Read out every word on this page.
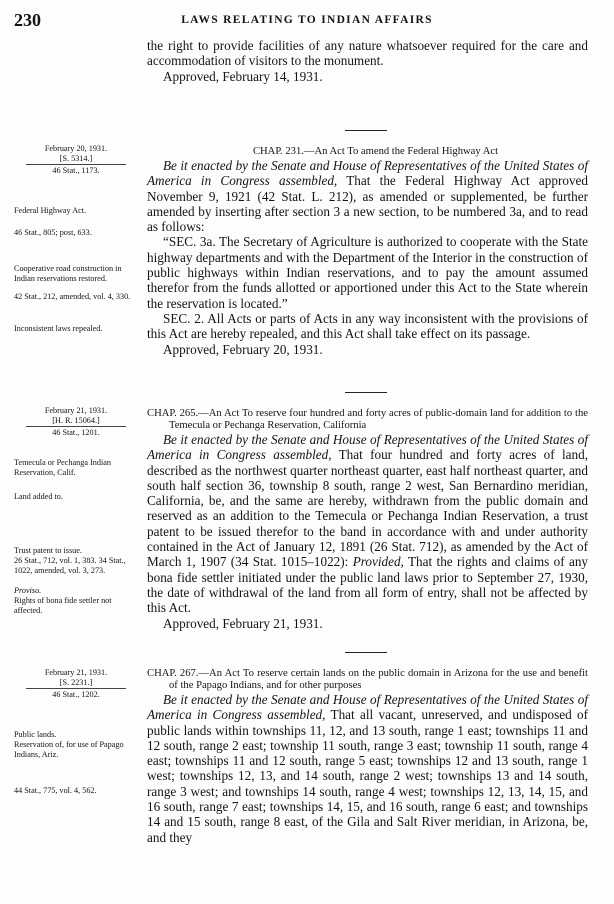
230	LAWS RELATING TO INDIAN AFFAIRS

the right to provide facilities of any nature whatsoever required for the care and accommodation of visitors to the monument.

Approved, February 14, 1931.

February 20, 1931.
[S. 5314.]
46 Stat., 1173.
Federal Highway Act.
46 Stat., 805; post, 633.
Cooperative road construction in Indian reservations restored.
42 Stat., 212, amended, vol. 4, 330.
Inconsistent laws repealed.

CHAP. 231.—An Act To amend the Federal Highway Act

Be it enacted by the Senate and House of Representatives of the United States of America in Congress assembled, That the Federal Highway Act approved November 9, 1921 (42 Stat. L. 212), as amended or supplemented, be further amended by inserting after section 3 a new section, to be numbered 3a, and to read as follows:

“SEC. 3a. The Secretary of Agriculture is authorized to cooperate with the State highway departments and with the Department of the Interior in the construction of public highways within Indian reservations, and to pay the amount assumed therefor from the funds allotted or apportioned under this Act to the State wherein the reservation is located.”

SEC. 2. All Acts or parts of Acts in any way inconsistent with the provisions of this Act are hereby repealed, and this Act shall take effect on its passage.

Approved, February 20, 1931.

February 21, 1931.
[H. R. 15064.]
46 Stat., 1201.
Temecula or Pechanga Indian Reservation, Calif.
Land added to.
Trust patent to issue.
26 Stat., 712, vol. 1, 383. 34 Stat., 1022, amended, vol. 3, 273.
Proviso.
Rights of bona fide settler not affected.

CHAP. 265.—An Act To reserve four hundred and forty acres of public-domain land for addition to the Temecula or Pechanga Reservation, California

Be it enacted by the Senate and House of Representatives of the United States of America in Congress assembled, That four hundred and forty acres of land, described as the northwest quarter northeast quarter, east half northeast quarter, and south half section 36, township 8 south, range 2 west, San Bernardino meridian, California, be, and the same are hereby, withdrawn from the public domain and reserved as an addition to the Temecula or Pechanga Indian Reservation, a trust patent to be issued therefor to the band in accordance with and under authority contained in the Act of January 12, 1891 (26 Stat. 712), as amended by the Act of March 1, 1907 (34 Stat. 1015–1022): Provided, That the rights and claims of any bona fide settler initiated under the public land laws prior to September 27, 1930, the date of withdrawal of the land from all form of entry, shall not be affected by this Act.

Approved, February 21, 1931.

February 21, 1931.
[S. 2231.]
46 Stat., 1202.
Public lands.
Reservation of, for use of Papago Indians, Ariz.
44 Stat., 775, vol. 4, 562.

CHAP. 267.—An Act To reserve certain lands on the public domain in Arizona for the use and benefit of the Papago Indians, and for other purposes

Be it enacted by the Senate and House of Representatives of the United States of America in Congress assembled, That all vacant, unreserved, and undisposed of public lands within townships 11, 12, and 13 south, range 1 east; townships 11 and 12 south, range 2 east; township 11 south, range 3 east; township 11 south, range 4 east; townships 11 and 12 south, range 5 east; townships 12 and 13 south, range 1 west; townships 12, 13, and 14 south, range 2 west; townships 13 and 14 south, range 3 west; and townships 14 south, range 4 west; townships 12, 13, 14, 15, and 16 south, range 7 east; townships 14, 15, and 16 south, range 6 east; and townships 14 and 15 south, range 8 east, of the Gila and Salt River meridian, in Arizona, be, and they
